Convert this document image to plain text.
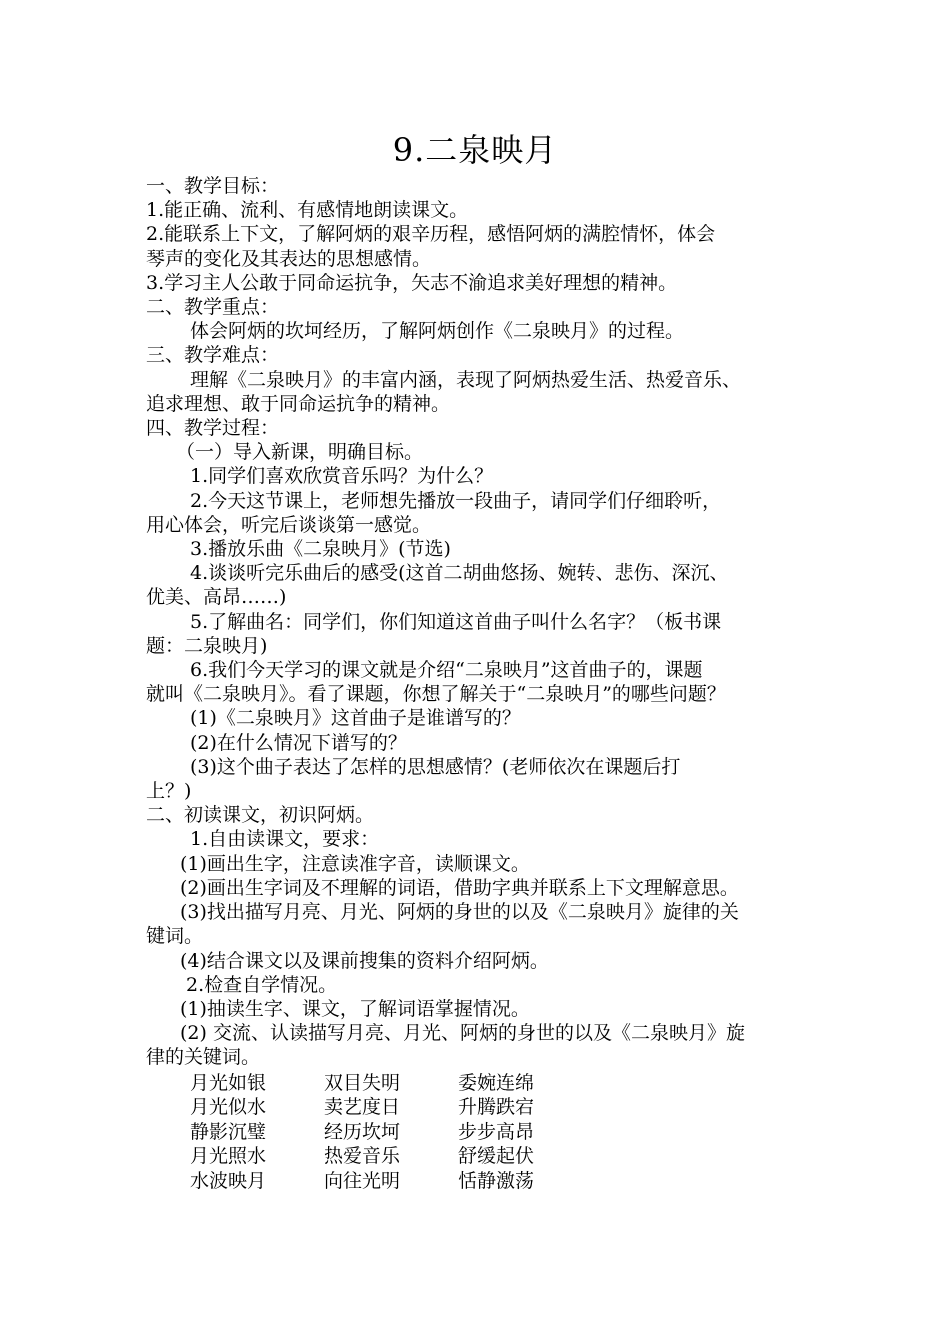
9.二泉映月
一、教学目标：
1.能正确、流利、有感情地朗读课文。
2.能联系上下文，了解阿炳的艰辛历程，感悟阿炳的满腔情怀，体会
琴声的变化及其表达的思想感情。
3.学习主人公敢于同命运抗争，矢志不渝追求美好理想的精神。
二、教学重点：
体会阿炳的坎坷经历，了解阿炳创作《二泉映月》的过程。
三、教学难点：
理解《二泉映月》的丰富内涵，表现了阿炳热爱生活、热爱音乐、
追求理想、敢于同命运抗争的精神。
四、教学过程：
（一）导入新课，明确目标。
1.同学们喜欢欣赏音乐吗？为什么？
2.今天这节课上，老师想先播放一段曲子，请同学们仔细聆听，
用心体会，听完后谈谈第一感觉。
3.播放乐曲《二泉映月》(节选)
4.谈谈听完乐曲后的感受(这首二胡曲悠扬、婉转、悲伤、深沉、
优美、高昂……)
5.了解曲名：同学们，你们知道这首曲子叫什么名字？（板书课
题：二泉映月)
6.我们今天学习的课文就是介绍“二泉映月”这首曲子的，课题
就叫《二泉映月》。看了课题，你想了解关于“二泉映月”的哪些问题？
(1)《二泉映月》这首曲子是谁谱写的？
(2)在什么情况下谱写的？
(3)这个曲子表达了怎样的思想感情？(老师依次在课题后打
上？)
二、初读课文，初识阿炳。
1.自由读课文，要求：
(1)画出生字，注意读准字音，读顺课文。
(2)画出生字词及不理解的词语，借助字典并联系上下文理解意思。
(3)找出描写月亮、月光、阿炳的身世的以及《二泉映月》旋律的关
键词。
(4)结合课文以及课前搜集的资料介绍阿炳。
2.检查自学情况。
(1)抽读生字、课文，了解词语掌握情况。
(2) 交流、认读描写月亮、月光、阿炳的身世的以及《二泉映月》旋
律的关键词。
月光如银	双目失明	委婉连绵
月光似水	卖艺度日	升腾跌宕
静影沉璧	经历坎坷	步步高昂
月光照水	热爱音乐	舒缓起伏
水波映月	向往光明	恬静激荡
